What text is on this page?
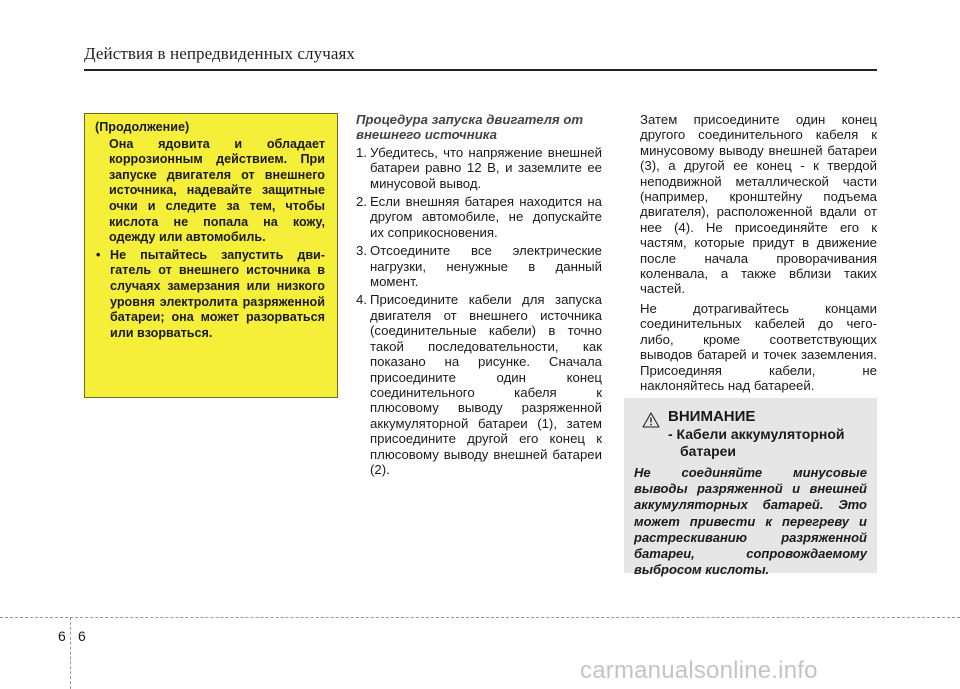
Действия в непредвиденных случаях
(Продолжение)
Она ядовита и обладает коррозионным действием. При запуске двигателя от внешнего источника, надевайте защитные очки и следите за тем, чтобы кислота не попала на кожу, одежду или автомобиль.
• Не пытайтесь запустить дви-гатель от внешнего источника в случаях замерзания или низкого уровня электролита разряженной батареи; она может разорваться или взорваться.
Процедура запуска двигателя от внешнего источника
1. Убедитесь, что напряжение внешней батареи равно 12 В, и заземлите ее минусовой вывод.
2. Если внешняя батарея находится на другом автомобиле, не допускайте их соприкосновения.
3. Отсоедините все электрические нагрузки, ненужные в данный момент.
4. Присоедините кабели для запуска двигателя от внешнего источника (соединительные кабели) в точно такой последовательности, как показано на рисунке. Сначала присоедините один конец соединительного кабеля к плюсовому выводу разряженной аккумуляторной батареи (1), затем присоедините другой его конец к плюсовому выводу внешней батареи (2).

Затем присоедините один конец другого соединительного кабеля к минусовому выводу внешней батареи (3), а другой ее конец - к твердой неподвижной металлической части (например, кронштейну подъема двигателя), расположенной вдали от нее (4). Не присоединяйте его к частям, которые придут в движение после начала проворачивания коленвала, а также вблизи таких частей.

Не дотрагивайтесь концами соединительных кабелей до чего-либо, кроме соответствующих выводов батарей и точек заземления. Присоединяя кабели, не наклоняйтесь над батареей.

ВНИМАНИЕ
- Кабели аккумуляторной
батареи
Не соединяйте минусовые выводы разряженной и внешней аккумуляторных батарей. Это может привести к перегреву и растрескиванию разряженной батареи, сопровождаемому выбросом кислоты.
6 6
carmanualsonline.info
